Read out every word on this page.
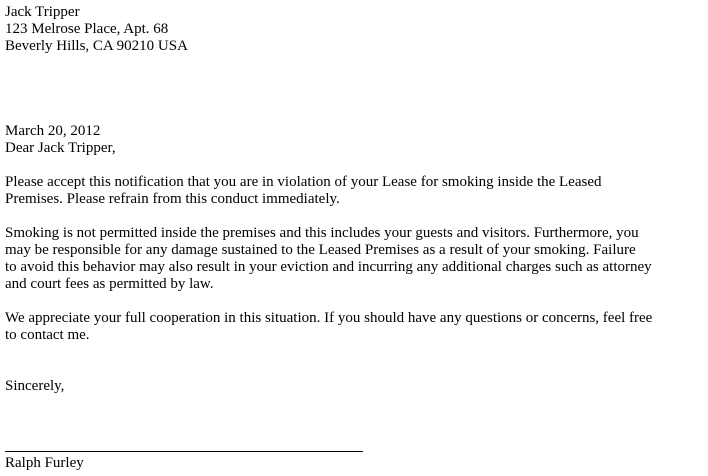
Jack Tripper
123 Melrose Place, Apt. 68
Beverly Hills, CA 90210 USA
March 20, 2012
Dear Jack Tripper,
Please accept this notification that you are in violation of your Lease for smoking inside the Leased
Premises. Please refrain from this conduct immediately.
Smoking is not permitted inside the premises and this includes your guests and visitors. Furthermore, you
may be responsible for any damage sustained to the Leased Premises as a result of your smoking. Failure
to avoid this behavior may also result in your eviction and incurring any additional charges such as attorney
and court fees as permitted by law.
We appreciate your full cooperation in this situation. If you should have any questions or concerns, feel free
to contact me.
Sincerely,
Ralph Furley
